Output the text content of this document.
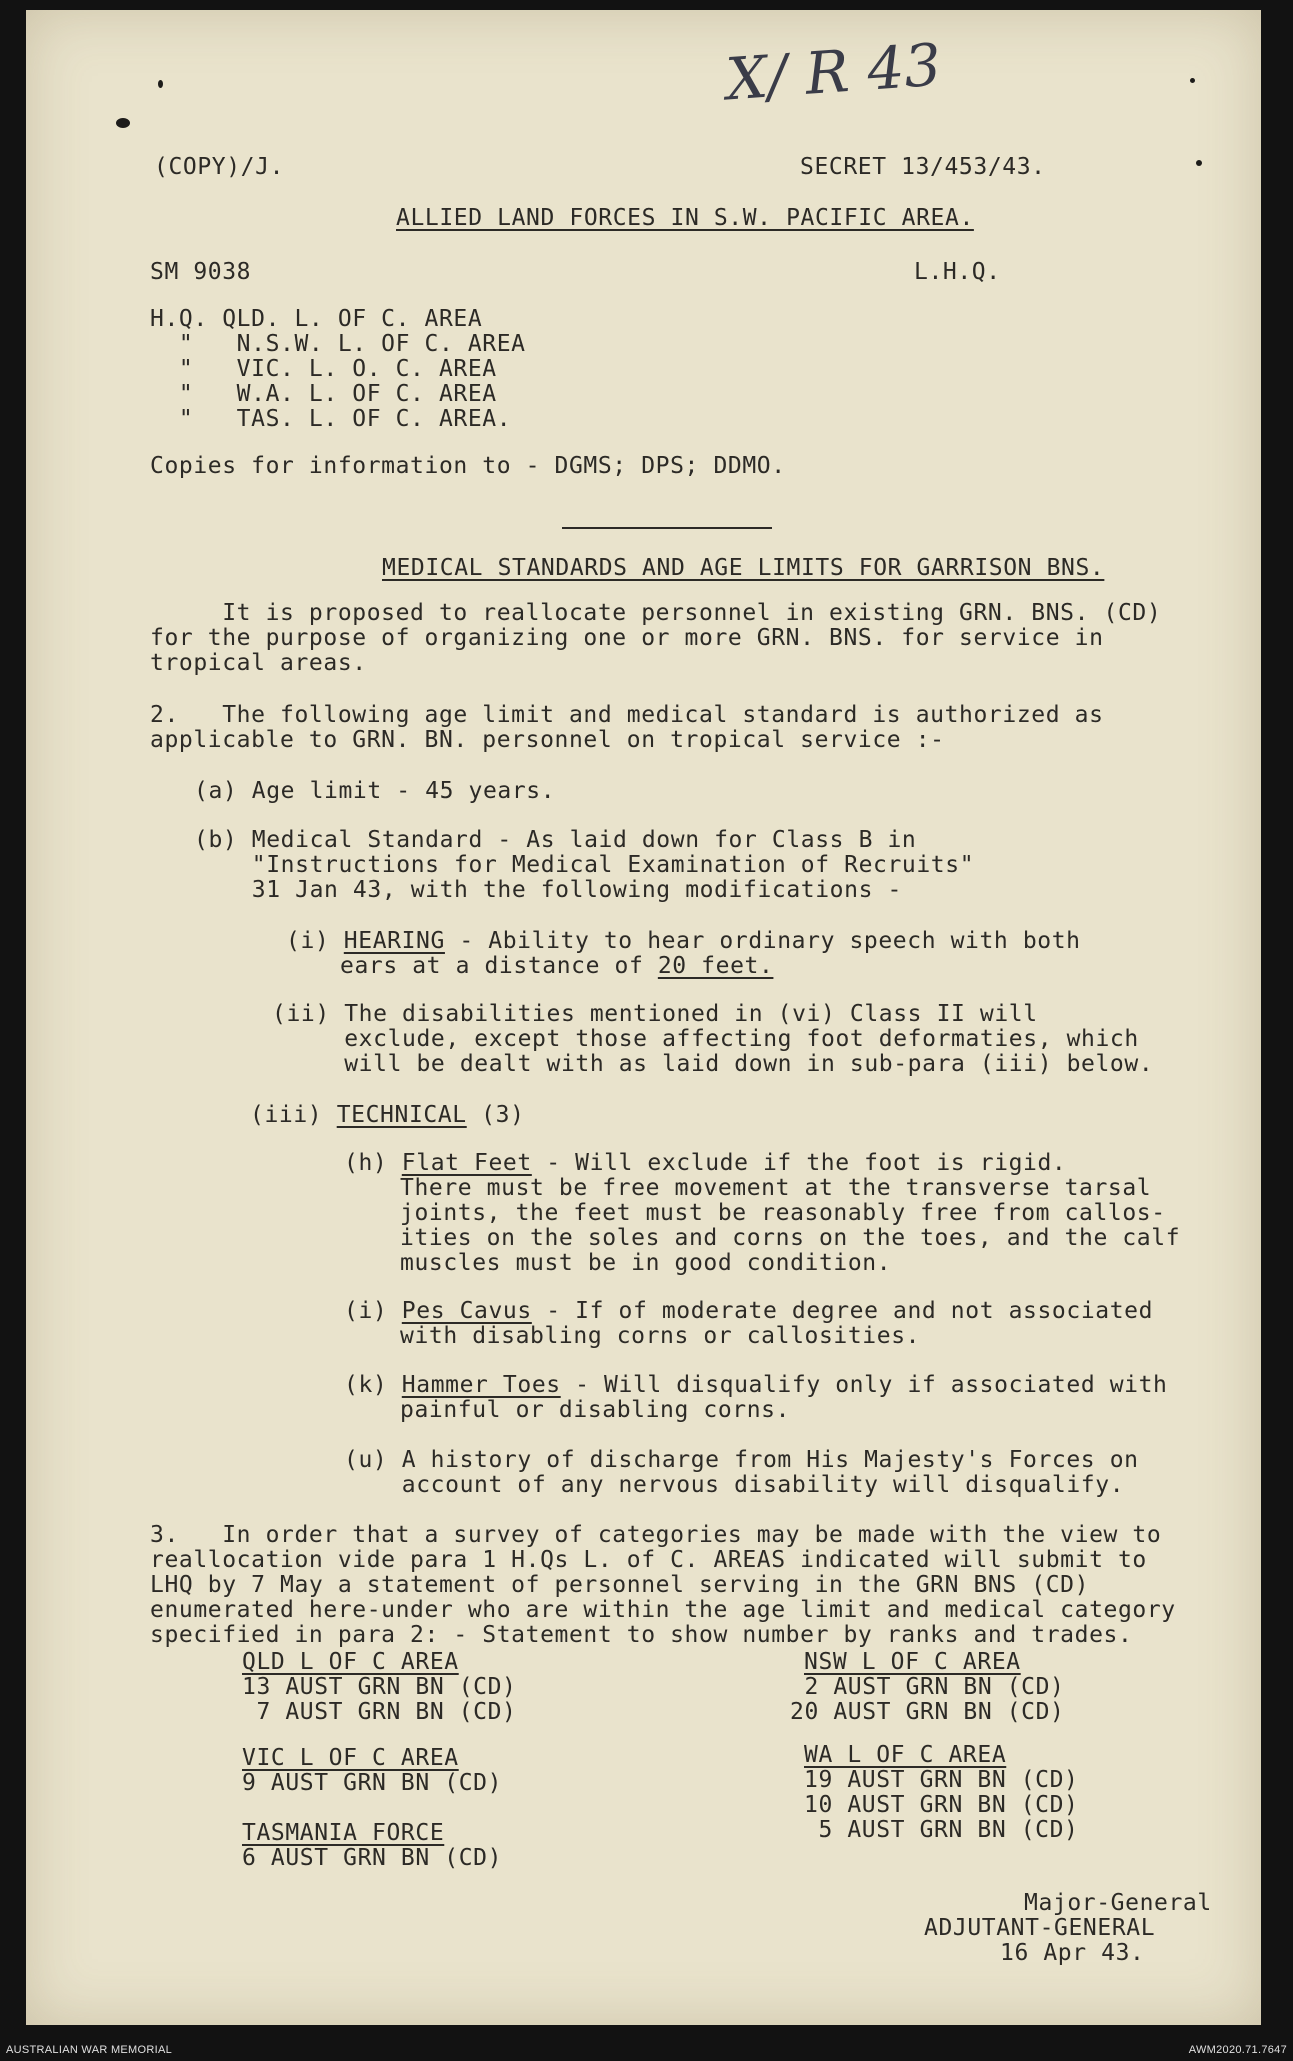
X/ R 43
(COPY)/J.	SECRET 13/453/43.
ALLIED LAND FORCES IN S.W. PACIFIC AREA.
SM 9038	L.H.Q.
H.Q. QLD. L. OF C. AREA
"   N.S.W. L. OF C. AREA
"   VIC. L. O. C. AREA
"   W.A. L. OF C. AREA
"   TAS. L. OF C. AREA.
Copies for information to - DGMS; DPS; DDMO.
MEDICAL STANDARDS AND AGE LIMITS FOR GARRISON BNS.
It is proposed to reallocate personnel in existing GRN. BNS. (CD)
for the purpose of organizing one or more GRN. BNS. for service in
tropical areas.
2.   The following age limit and medical standard is authorized as
applicable to GRN. BN. personnel on tropical service :-
(a) Age limit - 45 years.
(b) Medical Standard - As laid down for Class B in
"Instructions for Medical Examination of Recruits"
31 Jan 43, with the following modifications -
(i) HEARING - Ability to hear ordinary speech with both
ears at a distance of 20 feet.
(ii) The disabilities mentioned in (vi) Class II will
exclude, except those affecting foot deformaties, which
will be dealt with as laid down in sub-para (iii) below.
(iii) TECHNICAL (3)
(h) Flat Feet - Will exclude if the foot is rigid.
There must be free movement at the transverse tarsal
joints, the feet must be reasonably free from callos-
ities on the soles and corns on the toes, and the calf
muscles must be in good condition.
(i) Pes Cavus - If of moderate degree and not associated
with disabling corns or callosities.
(k) Hammer Toes - Will disqualify only if associated with
painful or disabling corns.
(u) A history of discharge from His Majesty's Forces on
account of any nervous disability will disqualify.
3.   In order that a survey of categories may be made with the view to
reallocation vide para 1 H.Qs L. of C. AREAS indicated will submit to
LHQ by 7 May a statement of personnel serving in the GRN BNS (CD)
enumerated here-under who are within the age limit and medical category
specified in para 2: - Statement to show number by ranks and trades.
QLD L OF C AREA
13 AUST GRN BN (CD)
7 AUST GRN BN (CD)
NSW L OF C AREA
2 AUST GRN BN (CD)
20 AUST GRN BN (CD)
VIC L OF C AREA
9 AUST GRN BN (CD)
WA L OF C AREA
19 AUST GRN BN (CD)
10 AUST GRN BN (CD)
5 AUST GRN BN (CD)
TASMANIA FORCE
6 AUST GRN BN (CD)
Major-General
ADJUTANT-GENERAL
16 Apr 43.
AUSTRALIAN WAR MEMORIAL	AWM2020.71.7647
